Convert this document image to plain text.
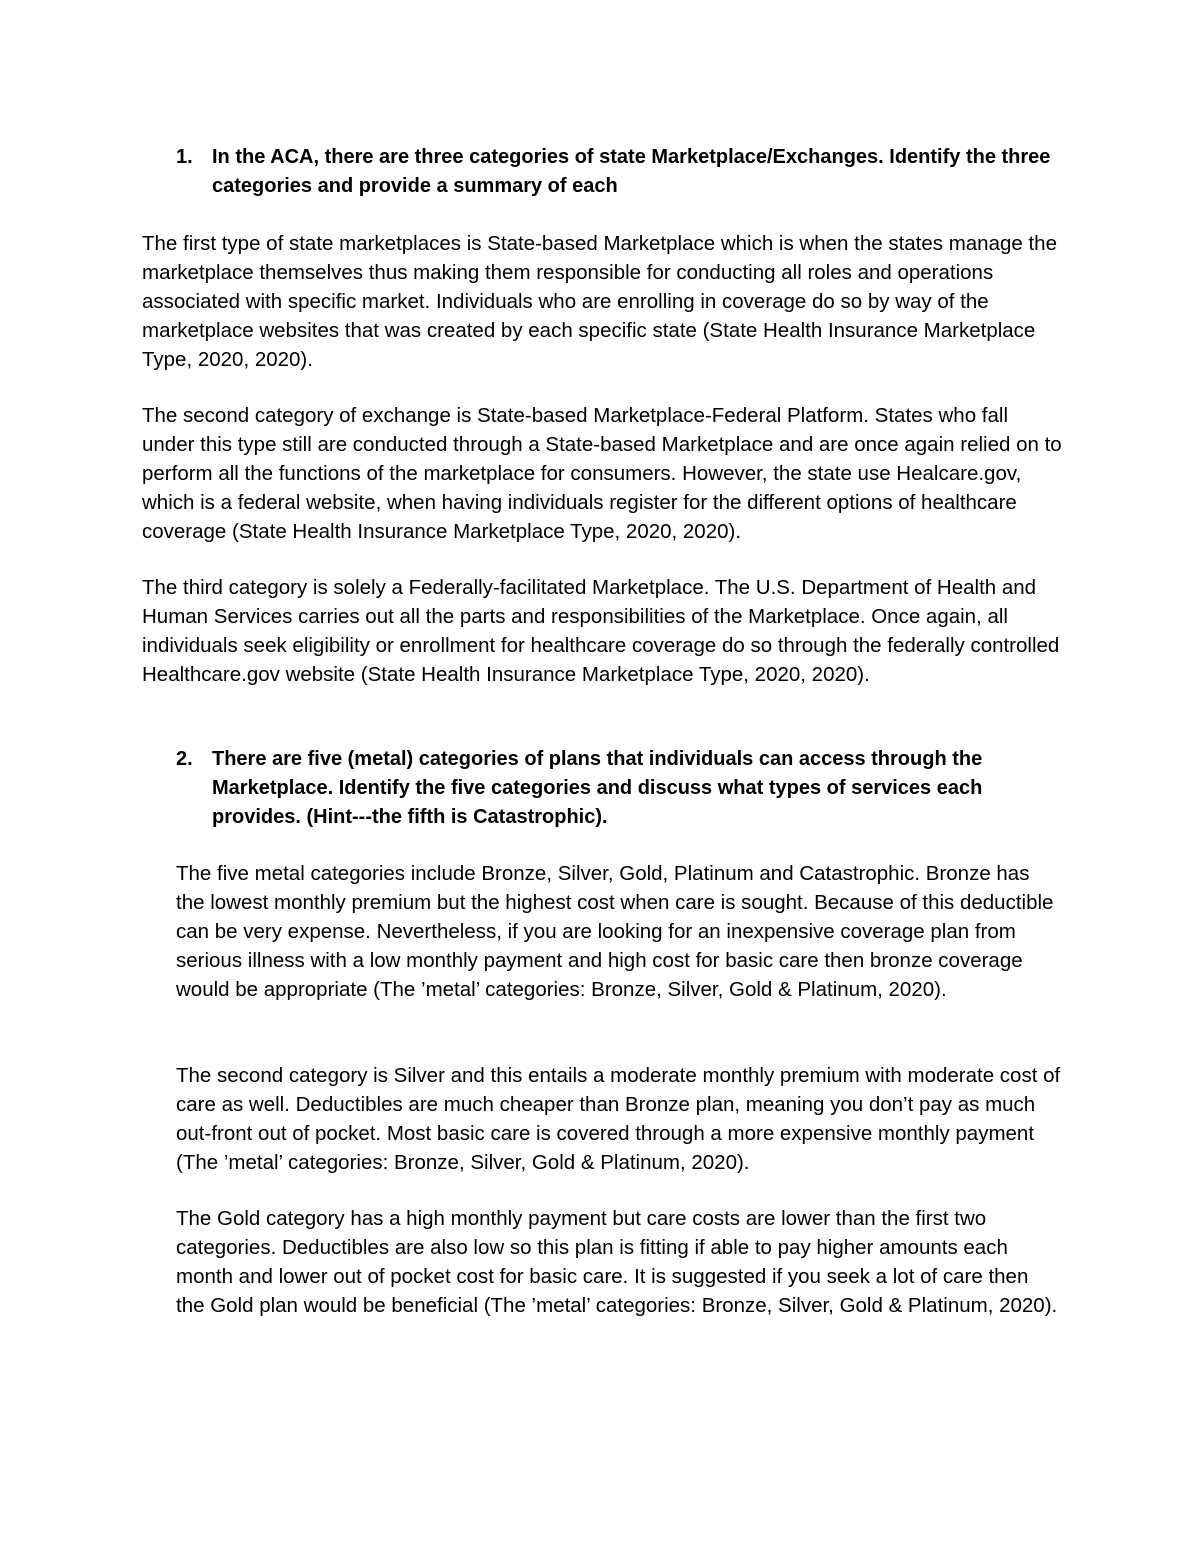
1. In the ACA, there are three categories of state Marketplace/Exchanges. Identify the three categories and provide a summary of each

The first type of state marketplaces is State-based Marketplace which is when the states manage the marketplace themselves thus making them responsible for conducting all roles and operations associated with specific market. Individuals who are enrolling in coverage do so by way of the marketplace websites that was created by each specific state (State Health Insurance Marketplace Type, 2020, 2020).

The second category of exchange is State-based Marketplace-Federal Platform. States who fall under this type still are conducted through a State-based Marketplace and are once again relied on to perform all the functions of the marketplace for consumers. However, the state use Healcare.gov, which is a federal website, when having individuals register for the different options of healthcare coverage (State Health Insurance Marketplace Type, 2020, 2020).

The third category is solely a Federally-facilitated Marketplace. The U.S. Department of Health and Human Services carries out all the parts and responsibilities of the Marketplace. Once again, all individuals seek eligibility or enrollment for healthcare coverage do so through the federally controlled Healthcare.gov website (State Health Insurance Marketplace Type, 2020, 2020).

2. There are five (metal) categories of plans that individuals can access through the Marketplace. Identify the five categories and discuss what types of services each provides. (Hint---the fifth is Catastrophic).

The five metal categories include Bronze, Silver, Gold, Platinum and Catastrophic. Bronze has the lowest monthly premium but the highest cost when care is sought. Because of this deductible can be very expense. Nevertheless, if you are looking for an inexpensive coverage plan from serious illness with a low monthly payment and high cost for basic care then bronze coverage would be appropriate (The ’metal’ categories: Bronze, Silver, Gold & Platinum, 2020).

The second category is Silver and this entails a moderate monthly premium with moderate cost of care as well. Deductibles are much cheaper than Bronze plan, meaning you don’t pay as much out-front out of pocket. Most basic care is covered through a more expensive monthly payment (The ’metal’ categories: Bronze, Silver, Gold & Platinum, 2020).

The Gold category has a high monthly payment but care costs are lower than the first two categories. Deductibles are also low so this plan is fitting if able to pay higher amounts each month and lower out of pocket cost for basic care. It is suggested if you seek a lot of care then the Gold plan would be beneficial (The ’metal’ categories: Bronze, Silver, Gold & Platinum, 2020).
